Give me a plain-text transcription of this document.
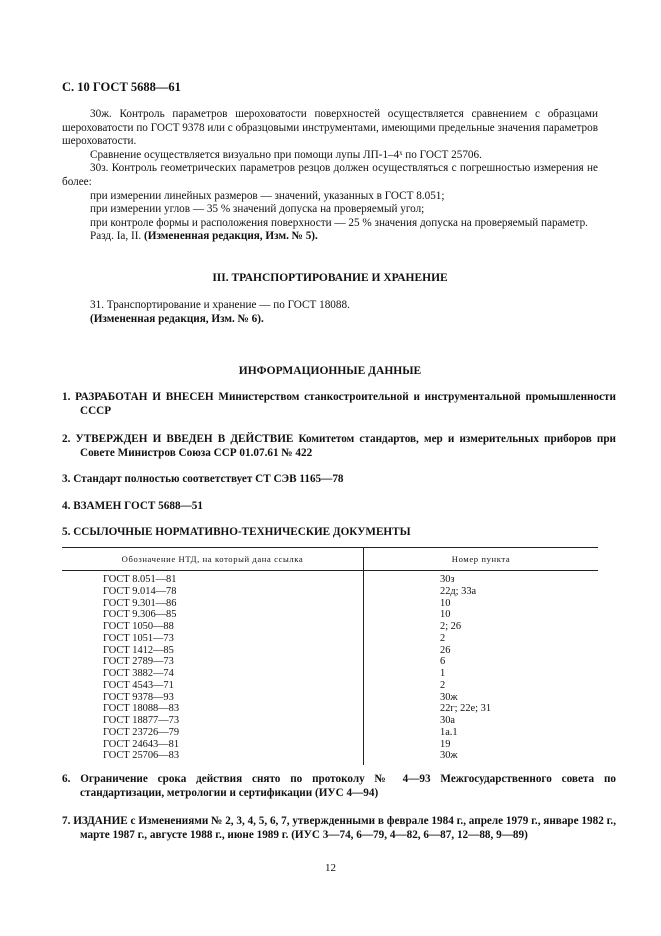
С. 10 ГОСТ 5688—61

30ж. Контроль параметров шероховатости поверхностей осуществляется сравнением с образцами шероховатости по ГОСТ 9378 или с образцовыми инструментами, имеющими предельные значения параметров шероховатости.

Сравнение осуществляется визуально при помощи лупы ЛП-1–4ˣ по ГОСТ 25706.

30з. Контроль геометрических параметров резцов должен осуществляться с погрешностью измерения не более:

при измерении линейных размеров — значений, указанных в ГОСТ 8.051;

при измерении углов — 35 % значений допуска на проверяемый угол;

при контроле формы и расположения поверхности — 25 % значения допуска на проверяемый параметр.

Разд. Iа, II. (Измененная редакция, Изм. № 5).

III. ТРАНСПОРТИРОВАНИЕ И ХРАНЕНИЕ

31. Транспортирование и хранение — по ГОСТ 18088.

(Измененная редакция, Изм. № 6).

ИНФОРМАЦИОННЫЕ ДАННЫЕ
1. РАЗРАБОТАН И ВНЕСЕН Министерством станкостроительной и инструментальной промышленности СССР
2. УТВЕРЖДЕН И ВВЕДЕН В ДЕЙСТВИЕ Комитетом стандартов, мер и измерительных приборов при Совете Министров Союза ССР 01.07.61 № 422
3. Стандарт полностью соответствует СТ СЭВ 1165—78
4. ВЗАМЕН ГОСТ 5688—51
5. ССЫЛОЧНЫЕ НОРМАТИВНО-ТЕХНИЧЕСКИЕ ДОКУМЕНТЫ
Обозначение НТД, на который дана ссылка	Номер пункта
ГОСТ 8.051—81	30з
ГОСТ 9.014—78	22д; 33а
ГОСТ 9.301—86	10
ГОСТ 9.306—85	10
ГОСТ 1050—88	2; 26
ГОСТ 1051—73	2
ГОСТ 1412—85	26
ГОСТ 2789—73	6
ГОСТ 3882—74	1
ГОСТ 4543—71	2
ГОСТ 9378—93	30ж
ГОСТ 18088—83	22г; 22е; 31
ГОСТ 18877—73	30а
ГОСТ 23726—79	1а.1
ГОСТ 24643—81	19
ГОСТ 25706—83	30ж
6. Ограничение срока действия снято по протоколу № 4—93 Межгосударственного совета по стандартизации, метрологии и сертификации (ИУС 4—94)
7. ИЗДАНИЕ с Изменениями № 2, 3, 4, 5, 6, 7, утвержденными в феврале 1984 г., апреле 1979 г., январе 1982 г., марте 1987 г., августе 1988 г., июне 1989 г. (ИУС 3—74, 6—79, 4—82, 6—87, 12—88, 9—89)
12
